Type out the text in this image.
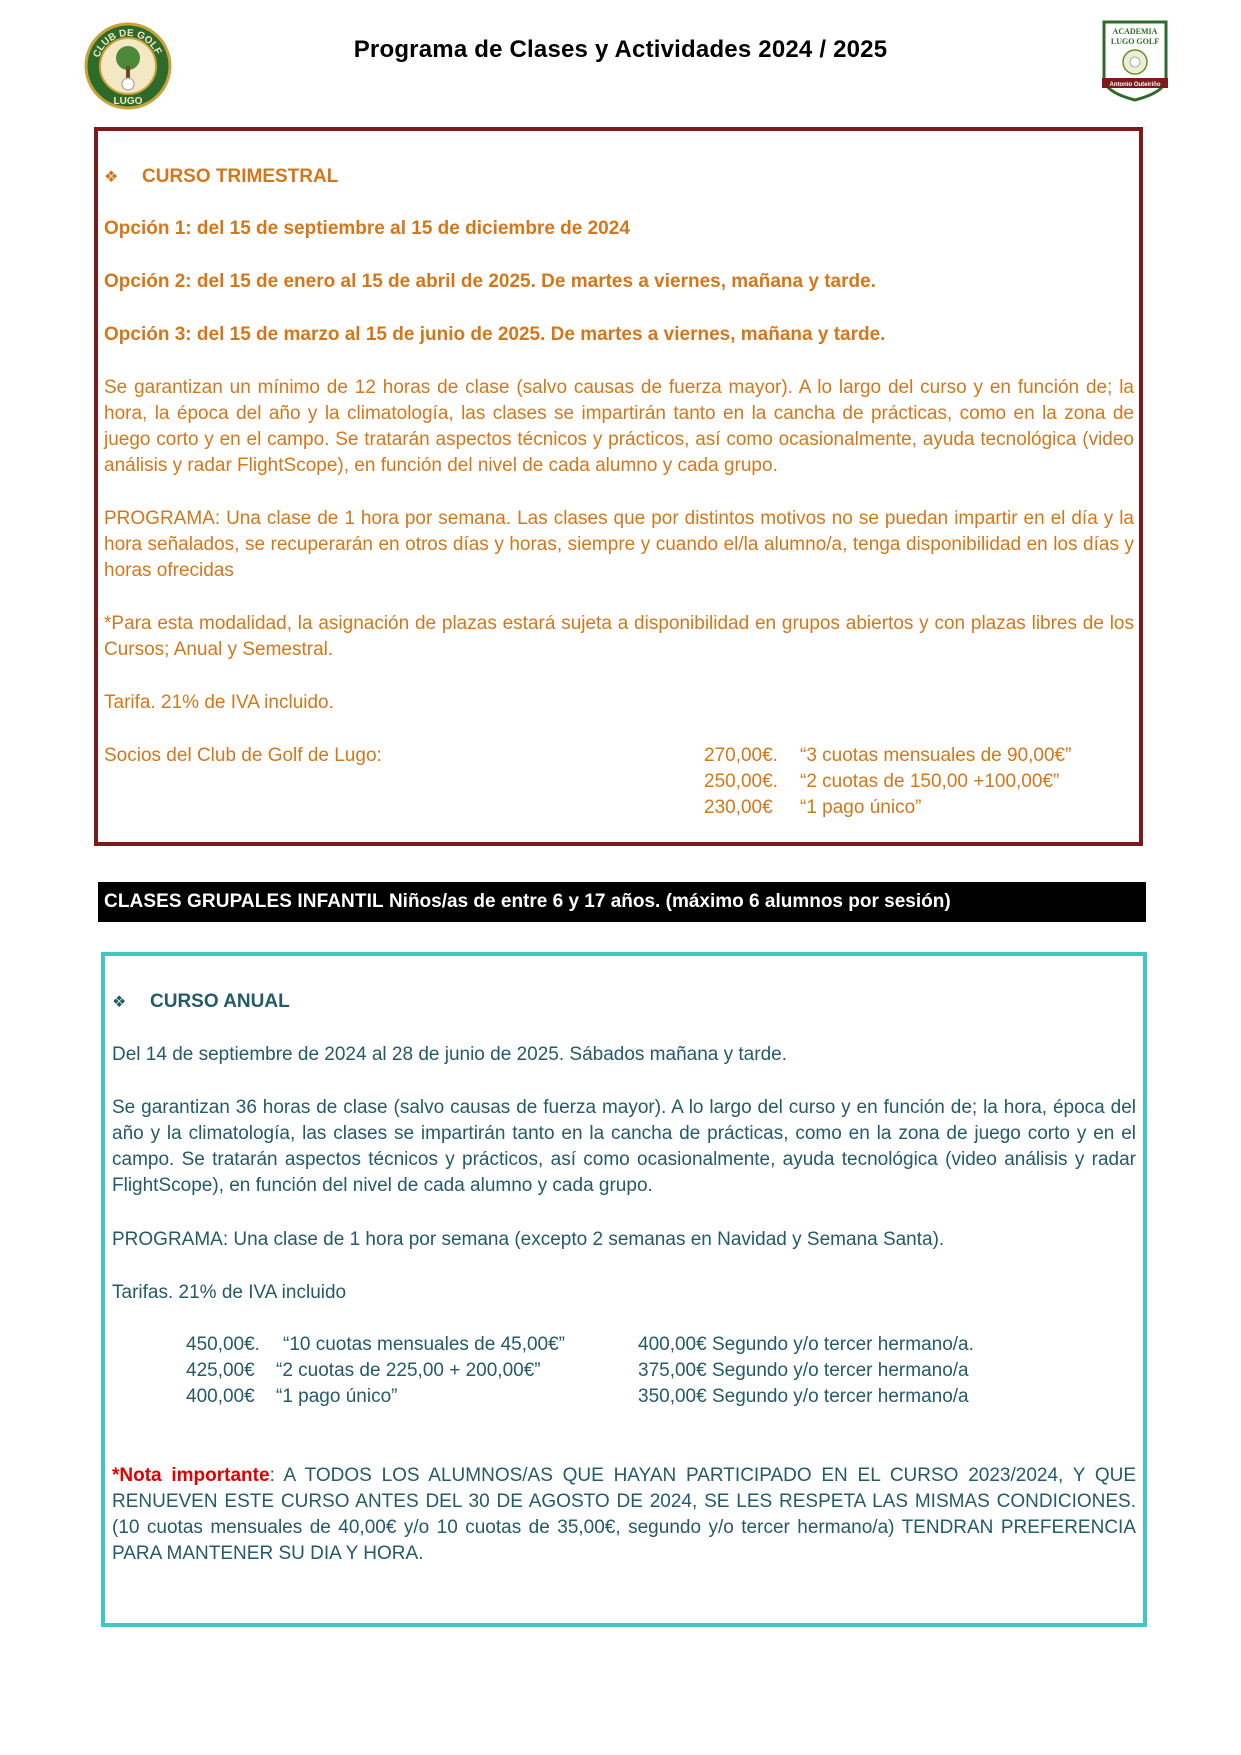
CLUB DE GOLF
LUGO
Programa de Clases y Actividades 2024 / 2025
ACADEMIA
LUGO GOLF
Antonio Outeiriño
❖ CURSO TRIMESTRAL
Opción 1: del 15 de septiembre al 15 de diciembre de 2024
Opción 2: del 15 de enero al 15 de abril de 2025. De martes a viernes, mañana y tarde.
Opción 3: del 15 de marzo al 15 de junio de 2025. De martes a viernes, mañana y tarde.
Se garantizan un mínimo de 12 horas de clase (salvo causas de fuerza mayor). A lo largo del curso y en función de; la hora, la época del año y la climatología, las clases se impartirán tanto en la cancha de prácticas, como en la zona de juego corto y en el campo. Se tratarán aspectos técnicos y prácticos, así como ocasionalmente, ayuda tecnológica (video análisis y radar FlightScope), en función del nivel de cada alumno y cada grupo.
PROGRAMA: Una clase de 1 hora por semana. Las clases que por distintos motivos no se puedan impartir en el día y la hora señalados, se recuperarán en otros días y horas, siempre y cuando el/la alumno/a, tenga disponibilidad en los días y horas ofrecidas
*Para esta modalidad, la asignación de plazas estará sujeta a disponibilidad en grupos abiertos y con plazas libres de los Cursos; Anual y Semestral.
Tarifa. 21% de IVA incluido.
Socios del Club de Golf de Lugo:	270,00€.	“3 cuotas mensuales de 90,00€”
250,00€.	“2 cuotas de 150,00 +100,00€”
230,00€	“1 pago único”
CLASES GRUPALES INFANTIL Niños/as de entre 6 y 17 años. (máximo 6 alumnos por sesión)
❖ CURSO ANUAL
Del 14 de septiembre de 2024 al 28 de junio de 2025. Sábados mañana y tarde.
Se garantizan 36 horas de clase (salvo causas de fuerza mayor). A lo largo del curso y en función de; la hora, época del año y la climatología, las clases se impartirán tanto en la cancha de prácticas, como en la zona de juego corto y en el campo. Se tratarán aspectos técnicos y prácticos, así como ocasionalmente, ayuda tecnológica (video análisis y radar FlightScope), en función del nivel de cada alumno y cada grupo.
PROGRAMA: Una clase de 1 hora por semana (excepto 2 semanas en Navidad y Semana Santa).
Tarifas. 21% de IVA incluido
450,00€.	“10 cuotas mensuales de 45,00€”	400,00€ Segundo y/o tercer hermano/a.
425,00€	“2 cuotas de 225,00 + 200,00€”	375,00€ Segundo y/o tercer hermano/a
400,00€	“1 pago único”	350,00€ Segundo y/o tercer hermano/a
*Nota importante: A TODOS LOS ALUMNOS/AS QUE HAYAN PARTICIPADO EN EL CURSO 2023/2024, Y QUE RENUEVEN ESTE CURSO ANTES DEL 30 DE AGOSTO DE 2024, SE LES RESPETA LAS MISMAS CONDICIONES. (10 cuotas mensuales de 40,00€ y/o 10 cuotas de 35,00€, segundo y/o tercer hermano/a) TENDRAN PREFERENCIA PARA MANTENER SU DIA Y HORA.
